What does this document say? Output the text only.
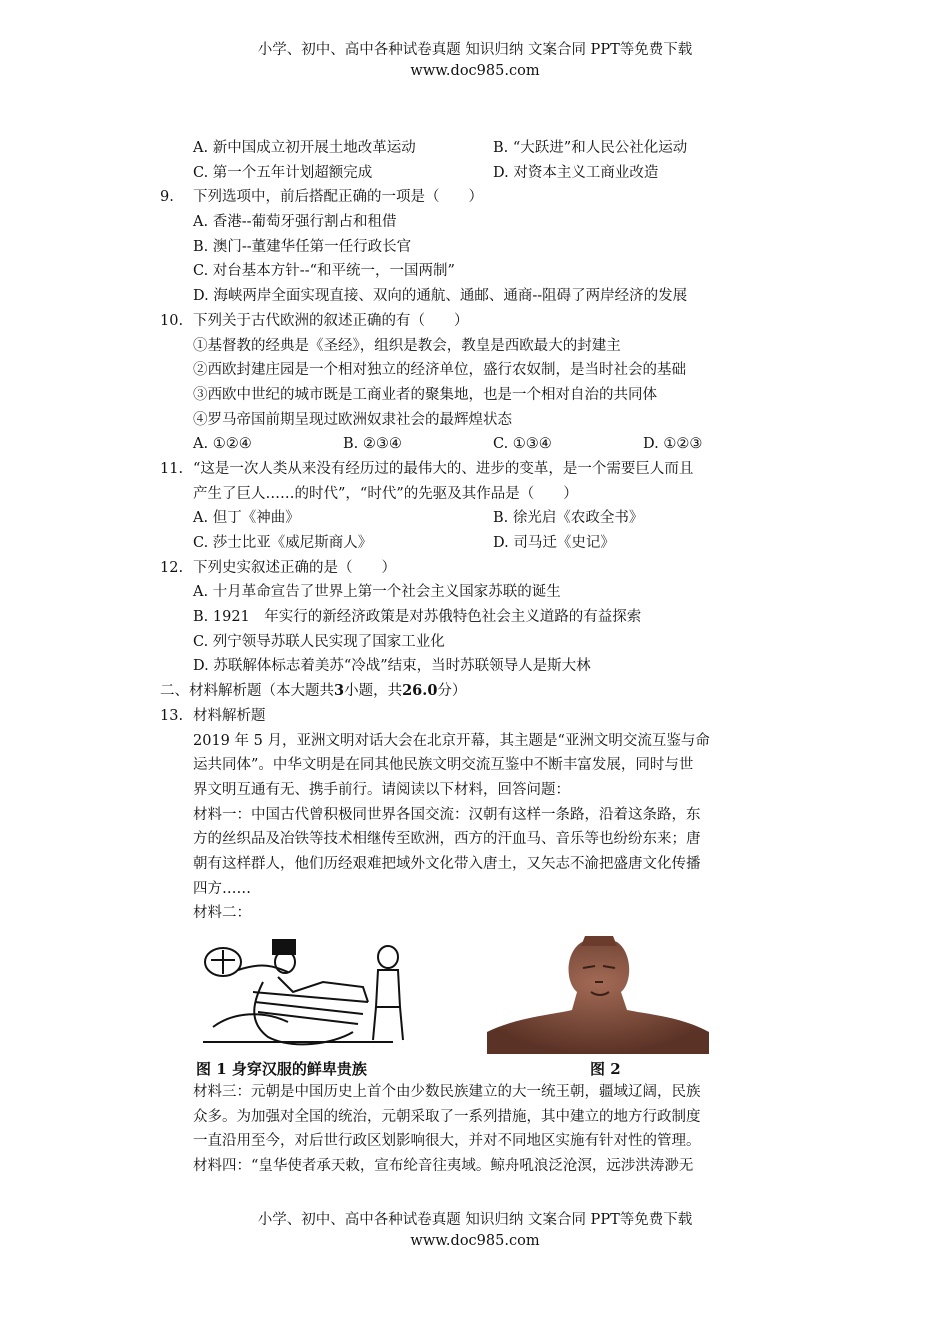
小学、初中、高中各种试卷真题 知识归纳 文案合同 PPT等免费下载
www.doc985.com
A. 新中国成立初开展土地改革运动	B. “大跃进”和人民公社化运动
C. 第一个五年计划超额完成	D. 对资本主义工商业改造
9. 下列选项中，前后搭配正确的一项是（　　）
A. 香港--葡萄牙强行割占和租借
B. 澳门--董建华任第一任行政长官
C. 对台基本方针--“和平统一，一国两制”
D. 海峡两岸全面实现直接、双向的通航、通邮、通商--阻碍了两岸经济的发展
10. 下列关于古代欧洲的叙述正确的有（　　）
①基督教的经典是《圣经》，组织是教会，教皇是西欧最大的封建主
②西欧封建庄园是一个相对独立的经济单位，盛行农奴制，是当时社会的基础
③西欧中世纪的城市既是工商业者的聚集地，也是一个相对自治的共同体
④罗马帝国前期呈现过欧洲奴隶社会的最辉煌状态
A. ①②④	B. ②③④	C. ①③④	D. ①②③
11. “这是一次人类从来没有经历过的最伟大的、进步的变革，是一个需要巨人而且
产生了巨人……的时代”，“时代”的先驱及其作品是（　　）
A. 但丁《神曲》	B. 徐光启《农政全书》
C. 莎士比亚《威尼斯商人》	D. 司马迁《史记》
12. 下列史实叙述正确的是（　　）
A. 十月革命宣告了世界上第一个社会主义国家苏联的诞生
B. 1921　年实行的新经济政策是对苏俄特色社会主义道路的有益探索
C. 列宁领导苏联人民实现了国家工业化
D. 苏联解体标志着美苏“冷战”结束，当时苏联领导人是斯大林
二、材料解析题（本大题共3小题，共26.0分）
13. 材料解析题
2019 年 5 月，亚洲文明对话大会在北京开幕，其主题是“亚洲文明交流互鉴与命
运共同体”。中华文明是在同其他民族文明交流互鉴中不断丰富发展，同时与世
界文明互通有无、携手前行。请阅读以下材料，回答问题：
材料一：中国古代曾积极同世界各国交流：汉朝有这样一条路，沿着这条路，东
方的丝织品及冶铁等技术相继传至欧洲，西方的汗血马、音乐等也纷纷东来；唐
朝有这样群人，他们历经艰难把域外文化带入唐土，又矢志不渝把盛唐文化传播
四方……
材料二：
图 1 身穿汉服的鲜卑贵族	图 2
材料三：元朝是中国历史上首个由少数民族建立的大一统王朝，疆域辽阔，民族
众多。为加强对全国的统治，元朝采取了一系列措施，其中建立的地方行政制度
一直沿用至今，对后世行政区划影响很大，并对不同地区实施有针对性的管理。
材料四：“皇华使者承天敕，宣布纶音往夷域。鲸舟吼浪泛沧溟，远涉洪涛渺无
小学、初中、高中各种试卷真题 知识归纳 文案合同 PPT等免费下载
www.doc985.com
